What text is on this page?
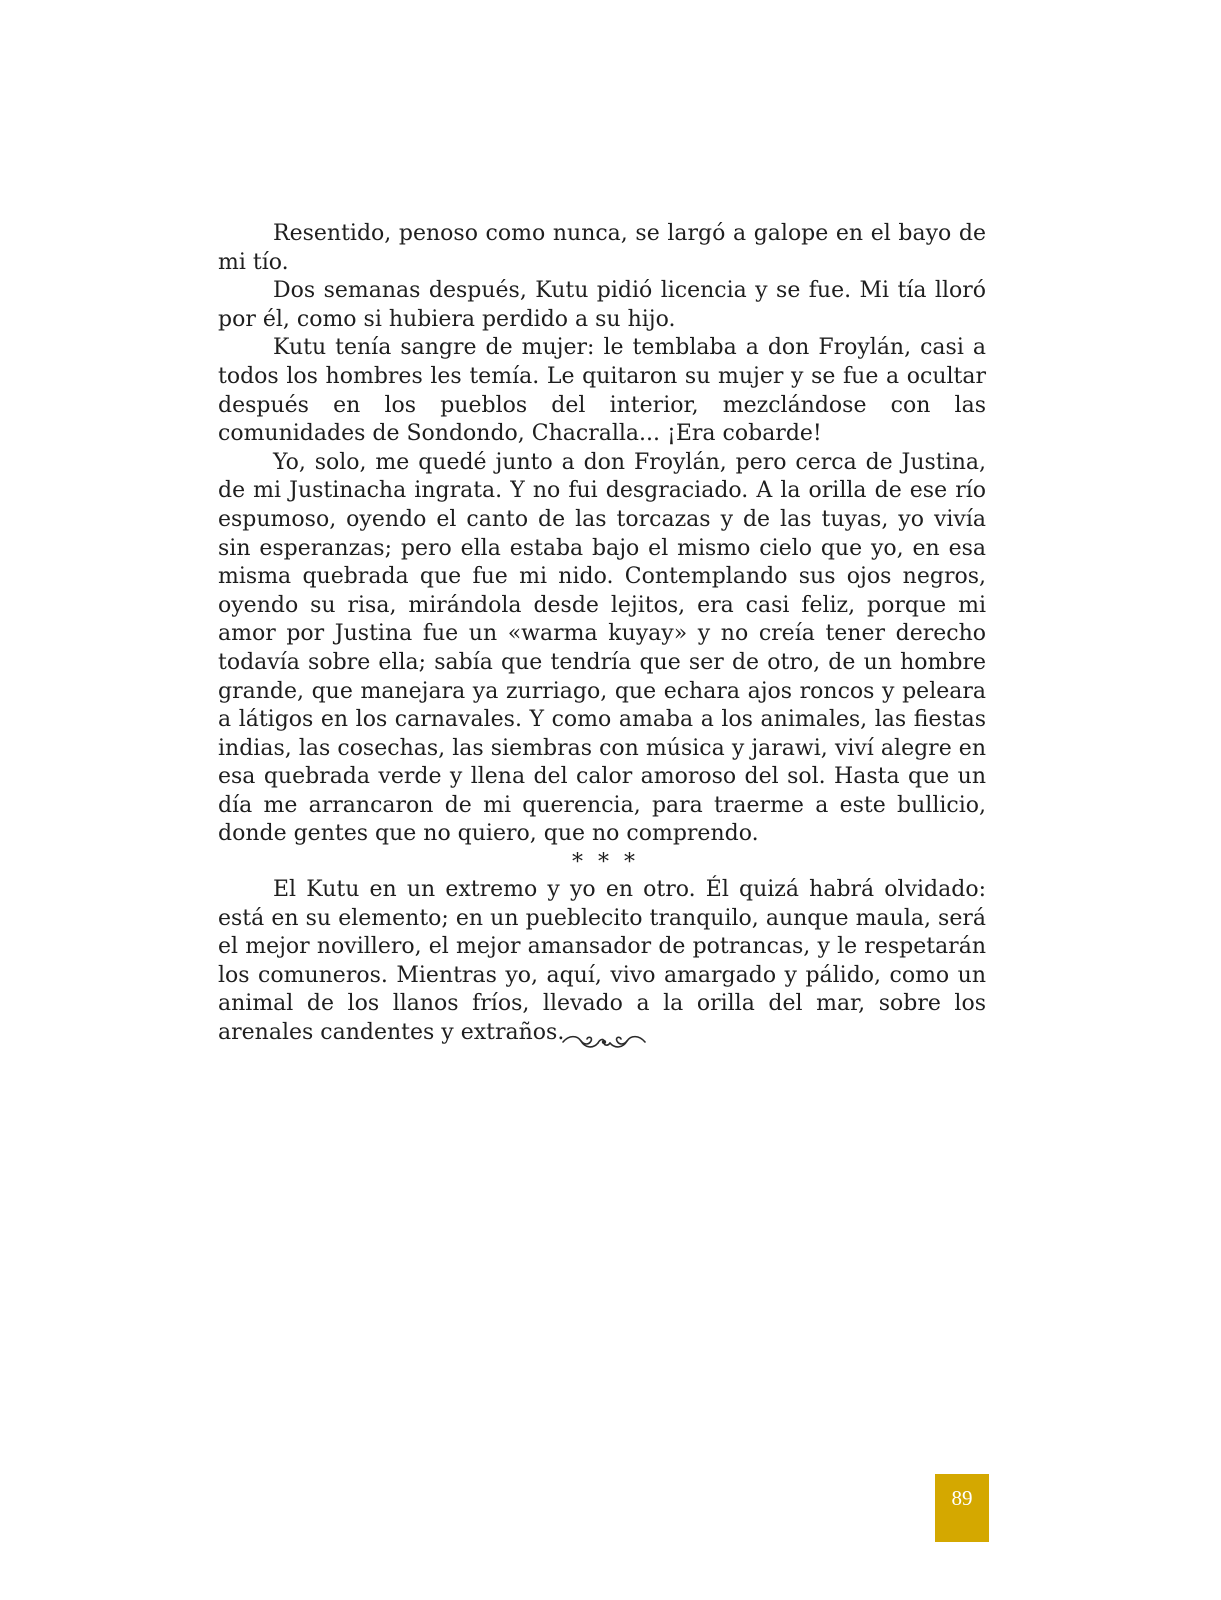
Resentido, penoso como nunca, se largó a galope en el bayo de mi tío.

Dos semanas después, Kutu pidió licencia y se fue. Mi tía lloró por él, como si hubiera perdido a su hijo.

Kutu tenía sangre de mujer: le temblaba a don Froylán, casi a todos los hombres les temía. Le quitaron su mujer y se fue a ocultar después en los pueblos del interior, mezclándose con las comunidades de Sondondo, Chacralla... ¡Era cobarde!

Yo, solo, me quedé junto a don Froylán, pero cerca de Justina, de mi Justinacha ingrata. Y no fui desgraciado. A la orilla de ese río espumoso, oyendo el canto de las torcazas y de las tuyas, yo vivía sin esperanzas; pero ella estaba bajo el mismo cielo que yo, en esa misma quebrada que fue mi nido. Contemplando sus ojos negros, oyendo su risa, mirándola desde lejitos, era casi feliz, porque mi amor por Justina fue un «warma kuyay» y no creía tener derecho todavía sobre ella; sabía que tendría que ser de otro, de un hombre grande, que manejara ya zurriago, que echara ajos roncos y peleara a látigos en los carnavales. Y como amaba a los animales, las fiestas indias, las cosechas, las siembras con música y jarawi, viví alegre en esa quebrada verde y llena del calor amoroso del sol. Hasta que un día me arrancaron de mi querencia, para traerme a este bullicio, donde gentes que no quiero, que no comprendo.

* * *

El Kutu en un extremo y yo en otro. Él quizá habrá olvidado: está en su elemento; en un pueblecito tranquilo, aunque maula, será el mejor novillero, el mejor amansador de potrancas, y le respetarán los comuneros. Mientras yo, aquí, vivo amargado y pálido, como un animal de los llanos fríos, llevado a la orilla del mar, sobre los arenales candentes y extraños.

89
